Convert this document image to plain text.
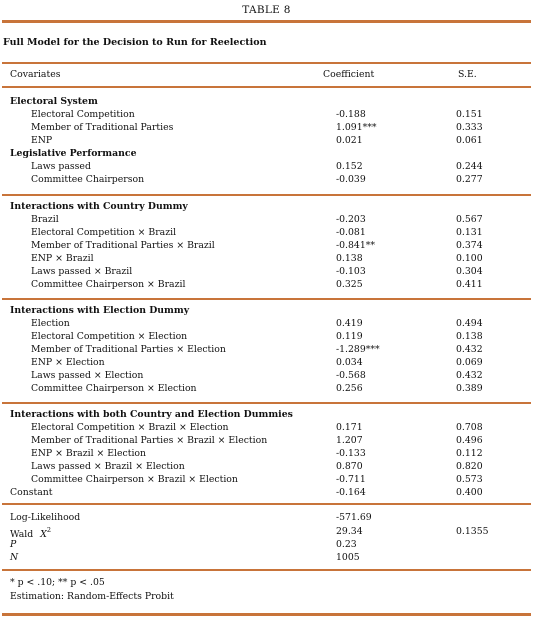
TABLE 8
Full Model for the Decision to Run for Reelection
Covariates	Coefficient	S.E.
Electoral System
Electoral Competition	-0.188	0.151
Member of Traditional Parties	1.091***	0.333
ENP	0.021	0.061
Legislative Performance
Laws passed	0.152	0.244
Committee Chairperson	-0.039	0.277
Interactions with Country Dummy
Brazil	-0.203	0.567
Electoral Competition × Brazil	-0.081	0.131
Member of Traditional Parties × Brazil	-0.841**	0.374
ENP × Brazil	0.138	0.100
Laws passed × Brazil	-0.103	0.304
Committee Chairperson × Brazil	0.325	0.411
Interactions with Election Dummy
Election	0.419	0.494
Electoral Competition × Election	0.119	0.138
Member of Traditional Parties × Election	-1.289***	0.432
ENP × Election	0.034	0.069
Laws passed × Election	-0.568	0.432
Committee Chairperson × Election	0.256	0.389
Interactions with both Country and Election Dummies
Electoral Competition × Brazil × Election	0.171	0.708
Member of Traditional Parties × Brazil × Election	1.207	0.496
ENP × Brazil × Election	-0.133	0.112
Laws passed × Brazil × Election	0.870	0.820
Committee Chairperson × Brazil × Election	-0.711	0.573
Constant	-0.164	0.400
Log-Likelihood	-571.69
Wald $X^2$	29.34	0.1355
P	0.23
N	1005
* p < .10; ** p < .05
Estimation: Random-Effects Probit
